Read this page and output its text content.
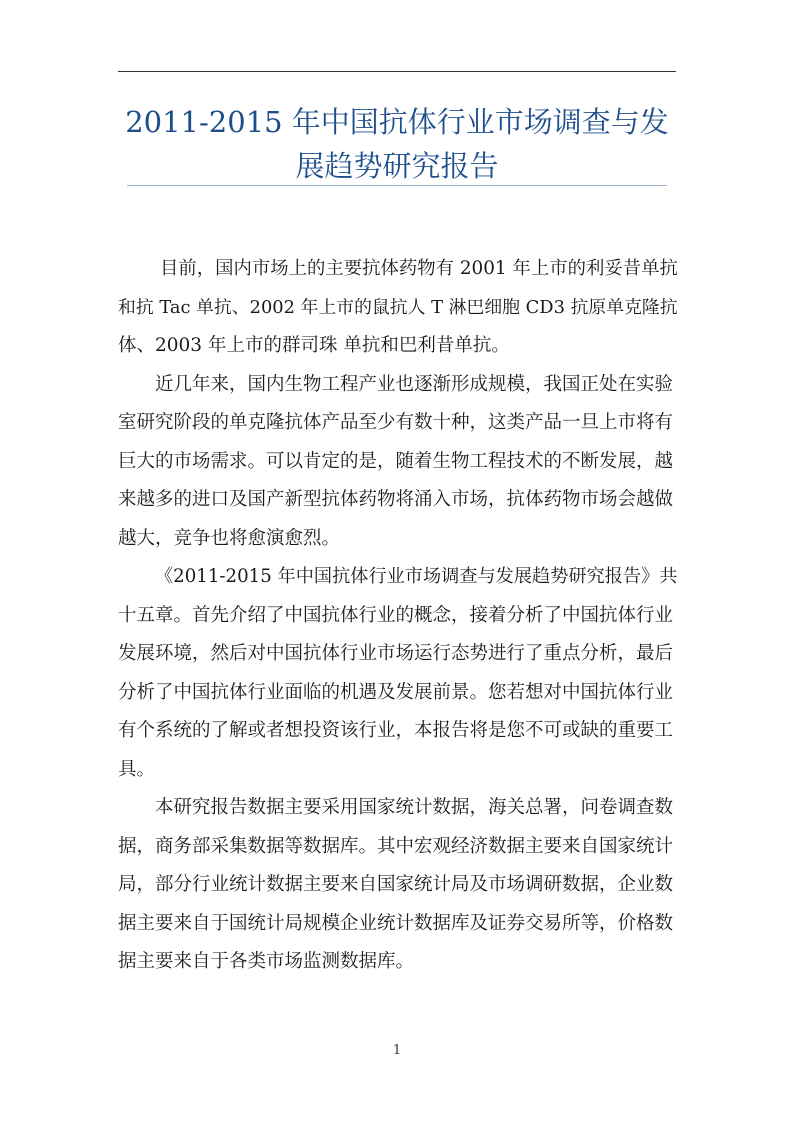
2011-2015 年中国抗体行业市场调查与发
展趋势研究报告

目前，国内市场上的主要抗体药物有 2001 年上市的利妥昔单抗
和抗 Tac 单抗、2002 年上市的鼠抗人 T 淋巴细胞 CD3 抗原单克隆抗
体、2003 年上市的群司珠 单抗和巴利昔单抗。

近几年来，国内生物工程产业也逐渐形成规模，我国正处在实验
室研究阶段的单克隆抗体产品至少有数十种，这类产品一旦上市将有
巨大的市场需求。可以肯定的是，随着生物工程技术的不断发展，越
来越多的进口及国产新型抗体药物将涌入市场，抗体药物市场会越做
越大，竞争也将愈演愈烈。

《2011-2015 年中国抗体行业市场调查与发展趋势研究报告》共
十五章。首先介绍了中国抗体行业的概念，接着分析了中国抗体行业
发展环境，然后对中国抗体行业市场运行态势进行了重点分析，最后
分析了中国抗体行业面临的机遇及发展前景。您若想对中国抗体行业
有个系统的了解或者想投资该行业，本报告将是您不可或缺的重要工
具。

本研究报告数据主要采用国家统计数据，海关总署，问卷调查数
据，商务部采集数据等数据库。其中宏观经济数据主要来自国家统计
局，部分行业统计数据主要来自国家统计局及市场调研数据，企业数
据主要来自于国统计局规模企业统计数据库及证券交易所等，价格数
据主要来自于各类市场监测数据库。

1
